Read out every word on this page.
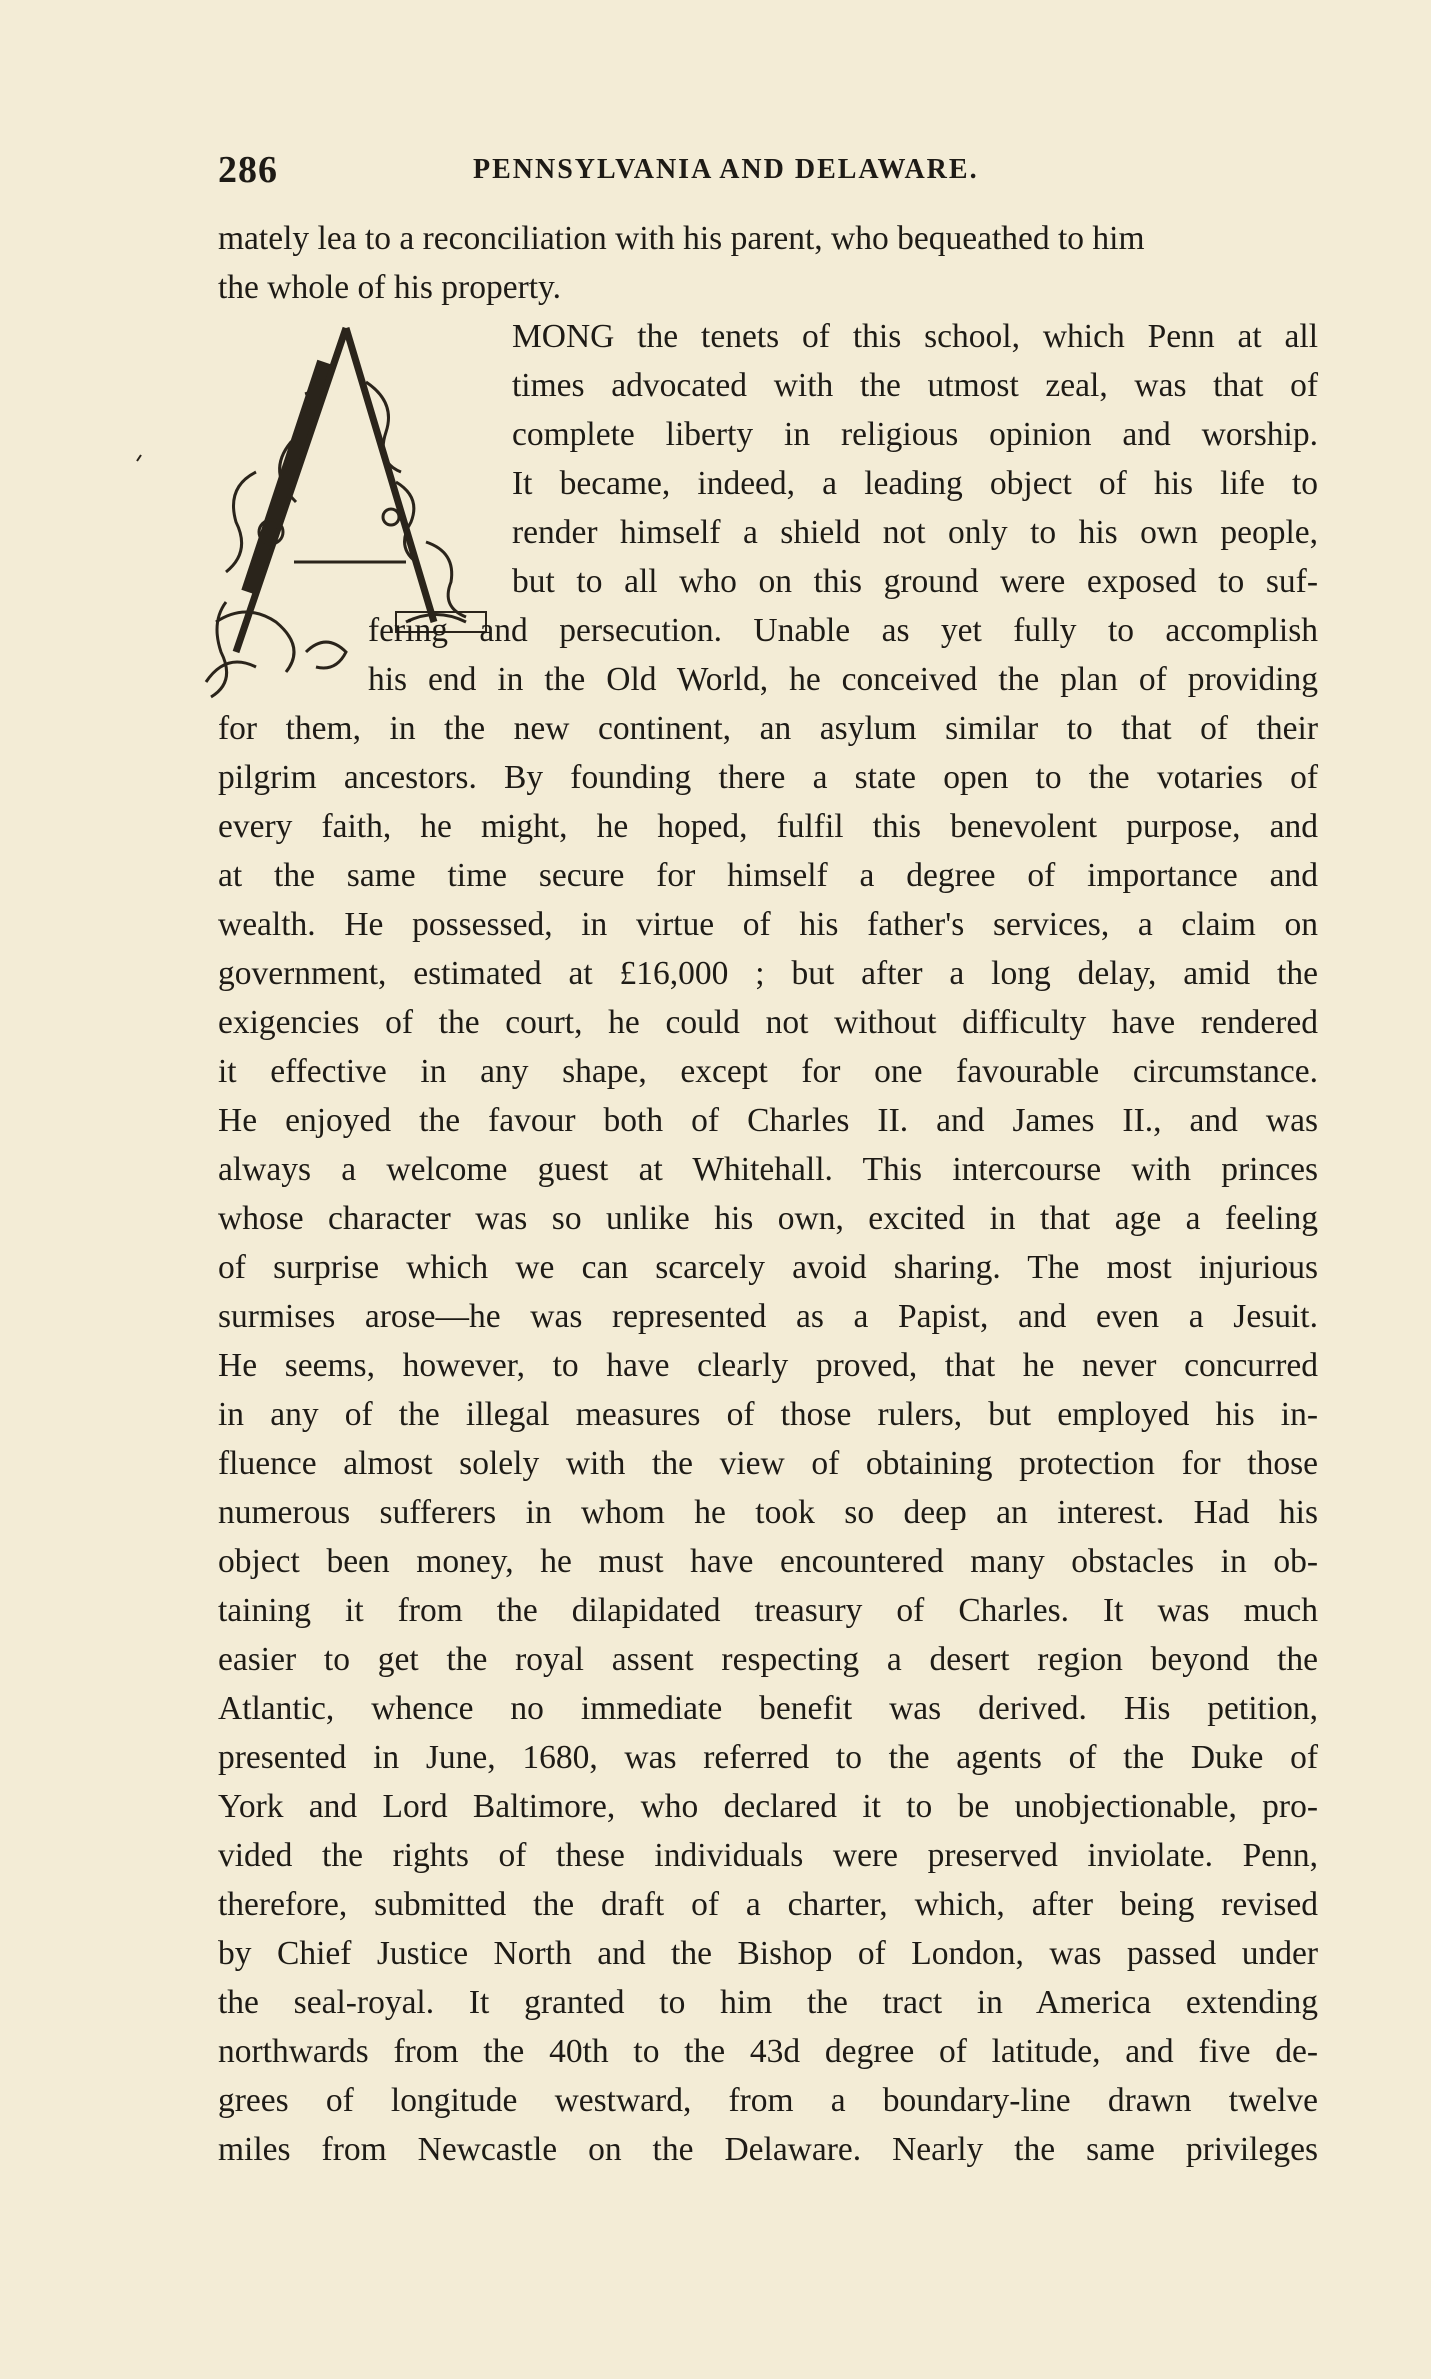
286	PENNSYLVANIA AND DELAWARE.
mately lea to a reconciliation with his parent, who bequeathed to him
the whole of his property.
MONG the tenets of this school, which Penn at all
times advocated with the utmost zeal, was that of
complete liberty in religious opinion and worship.
It became, indeed, a leading object of his life to
render himself a shield not only to his own people,
but to all who on this ground were exposed to suf-
fering and persecution. Unable as yet fully to accomplish
his end in the Old World, he conceived the plan of providing
for them, in the new continent, an asylum similar to that of their
pilgrim ancestors. By founding there a state open to the votaries of
every faith, he might, he hoped, fulfil this benevolent purpose, and
at the same time secure for himself a degree of importance and
wealth. He possessed, in virtue of his father's services, a claim on
government, estimated at £16,000 ; but after a long delay, amid the
exigencies of the court, he could not without difficulty have rendered
it effective in any shape, except for one favourable circumstance.
He enjoyed the favour both of Charles II. and James II., and was
always a welcome guest at Whitehall. This intercourse with princes
whose character was so unlike his own, excited in that age a feeling
of surprise which we can scarcely avoid sharing. The most injurious
surmises arose—he was represented as a Papist, and even a Jesuit.
He seems, however, to have clearly proved, that he never concurred
in any of the illegal measures of those rulers, but employed his in-
fluence almost solely with the view of obtaining protection for those
numerous sufferers in whom he took so deep an interest. Had his
object been money, he must have encountered many obstacles in ob-
taining it from the dilapidated treasury of Charles. It was much
easier to get the royal assent respecting a desert region beyond the
Atlantic, whence no immediate benefit was derived. His petition,
presented in June, 1680, was referred to the agents of the Duke of
York and Lord Baltimore, who declared it to be unobjectionable, pro-
vided the rights of these individuals were preserved inviolate. Penn,
therefore, submitted the draft of a charter, which, after being revised
by Chief Justice North and the Bishop of London, was passed under
the seal-royal. It granted to him the tract in America extending
northwards from the 40th to the 43d degree of latitude, and five de-
grees of longitude westward, from a boundary-line drawn twelve
miles from Newcastle on the Delaware. Nearly the same privileges
